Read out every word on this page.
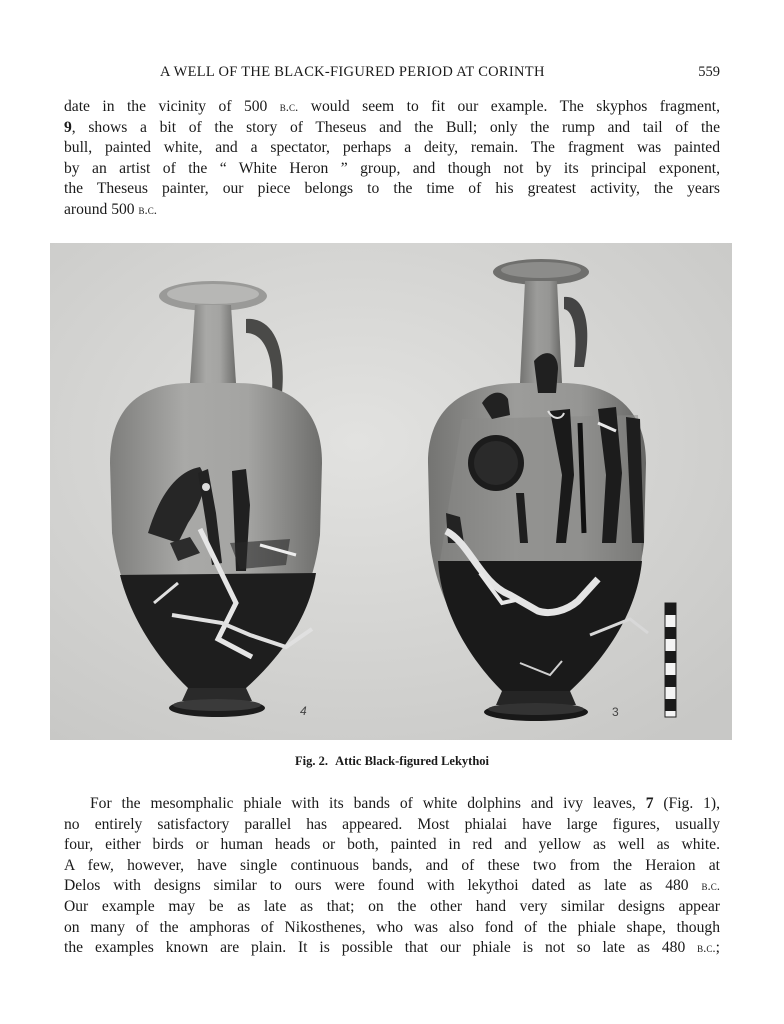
A WELL OF THE BLACK-FIGURED PERIOD AT CORINTH	559
date in the vicinity of 500 b.c. would seem to fit our example. The skyphos fragment,
9, shows a bit of the story of Theseus and the Bull; only the rump and tail of the
bull, painted white, and a spectator, perhaps a deity, remain. The fragment was painted
by an artist of the “ White Heron ” group, and though not by its principal exponent,
the Theseus painter, our piece belongs to the time of his greatest activity, the years
around 500 b.c.
4	3
Fig. 2. Attic Black-figured Lekythoi
For the mesomphalic phiale with its bands of white dolphins and ivy leaves, 7 (Fig. 1),
no entirely satisfactory parallel has appeared. Most phialai have large figures, usually
four, either birds or human heads or both, painted in red and yellow as well as white.
A few, however, have single continuous bands, and of these two from the Heraion at
Delos with designs similar to ours were found with lekythoi dated as late as 480 b.c.
Our example may be as late as that; on the other hand very similar designs appear
on many of the amphoras of Nikosthenes, who was also fond of the phiale shape, though
the examples known are plain. It is possible that our phiale is not so late as 480 b.c.;
